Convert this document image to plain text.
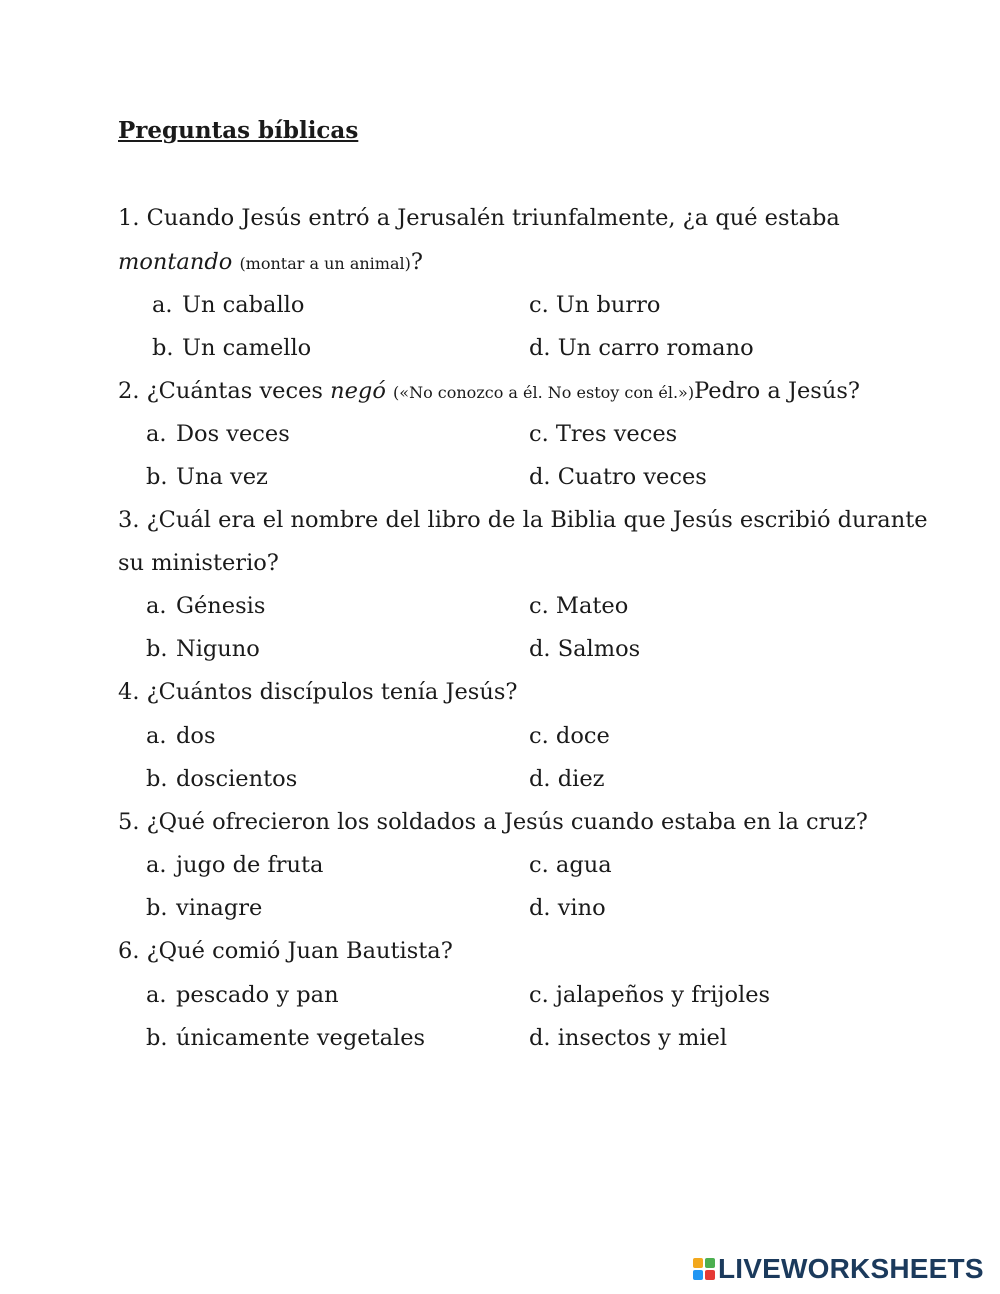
Preguntas bíblicas
1. Cuando Jesús entró a Jerusalén triunfalmente, ¿a qué estaba
montando (montar a un animal)?
a. Un caballo
b. Un camello
c. Un burro
d. Un carro romano
2. ¿Cuántas veces negó («No conozco a él. No estoy con él.»)Pedro a Jesús?
a. Dos veces
b. Una vez
c. Tres veces
d. Cuatro veces
3. ¿Cuál era el nombre del libro de la Biblia que Jesús escribió durante
su ministerio?
a. Génesis
b. Niguno
c. Mateo
d. Salmos
4. ¿Cuántos discípulos tenía Jesús?
a. dos
b. doscientos
c. doce
d. diez
5. ¿Qué ofrecieron los soldados a Jesús cuando estaba en la cruz?
a. jugo de fruta
b. vinagre
c. agua
d. vino
6. ¿Qué comió Juan Bautista?
a. pescado y pan
b. únicamente vegetales
c. jalapeños y frijoles
d. insectos y miel
LIVEWORKSHEETS
